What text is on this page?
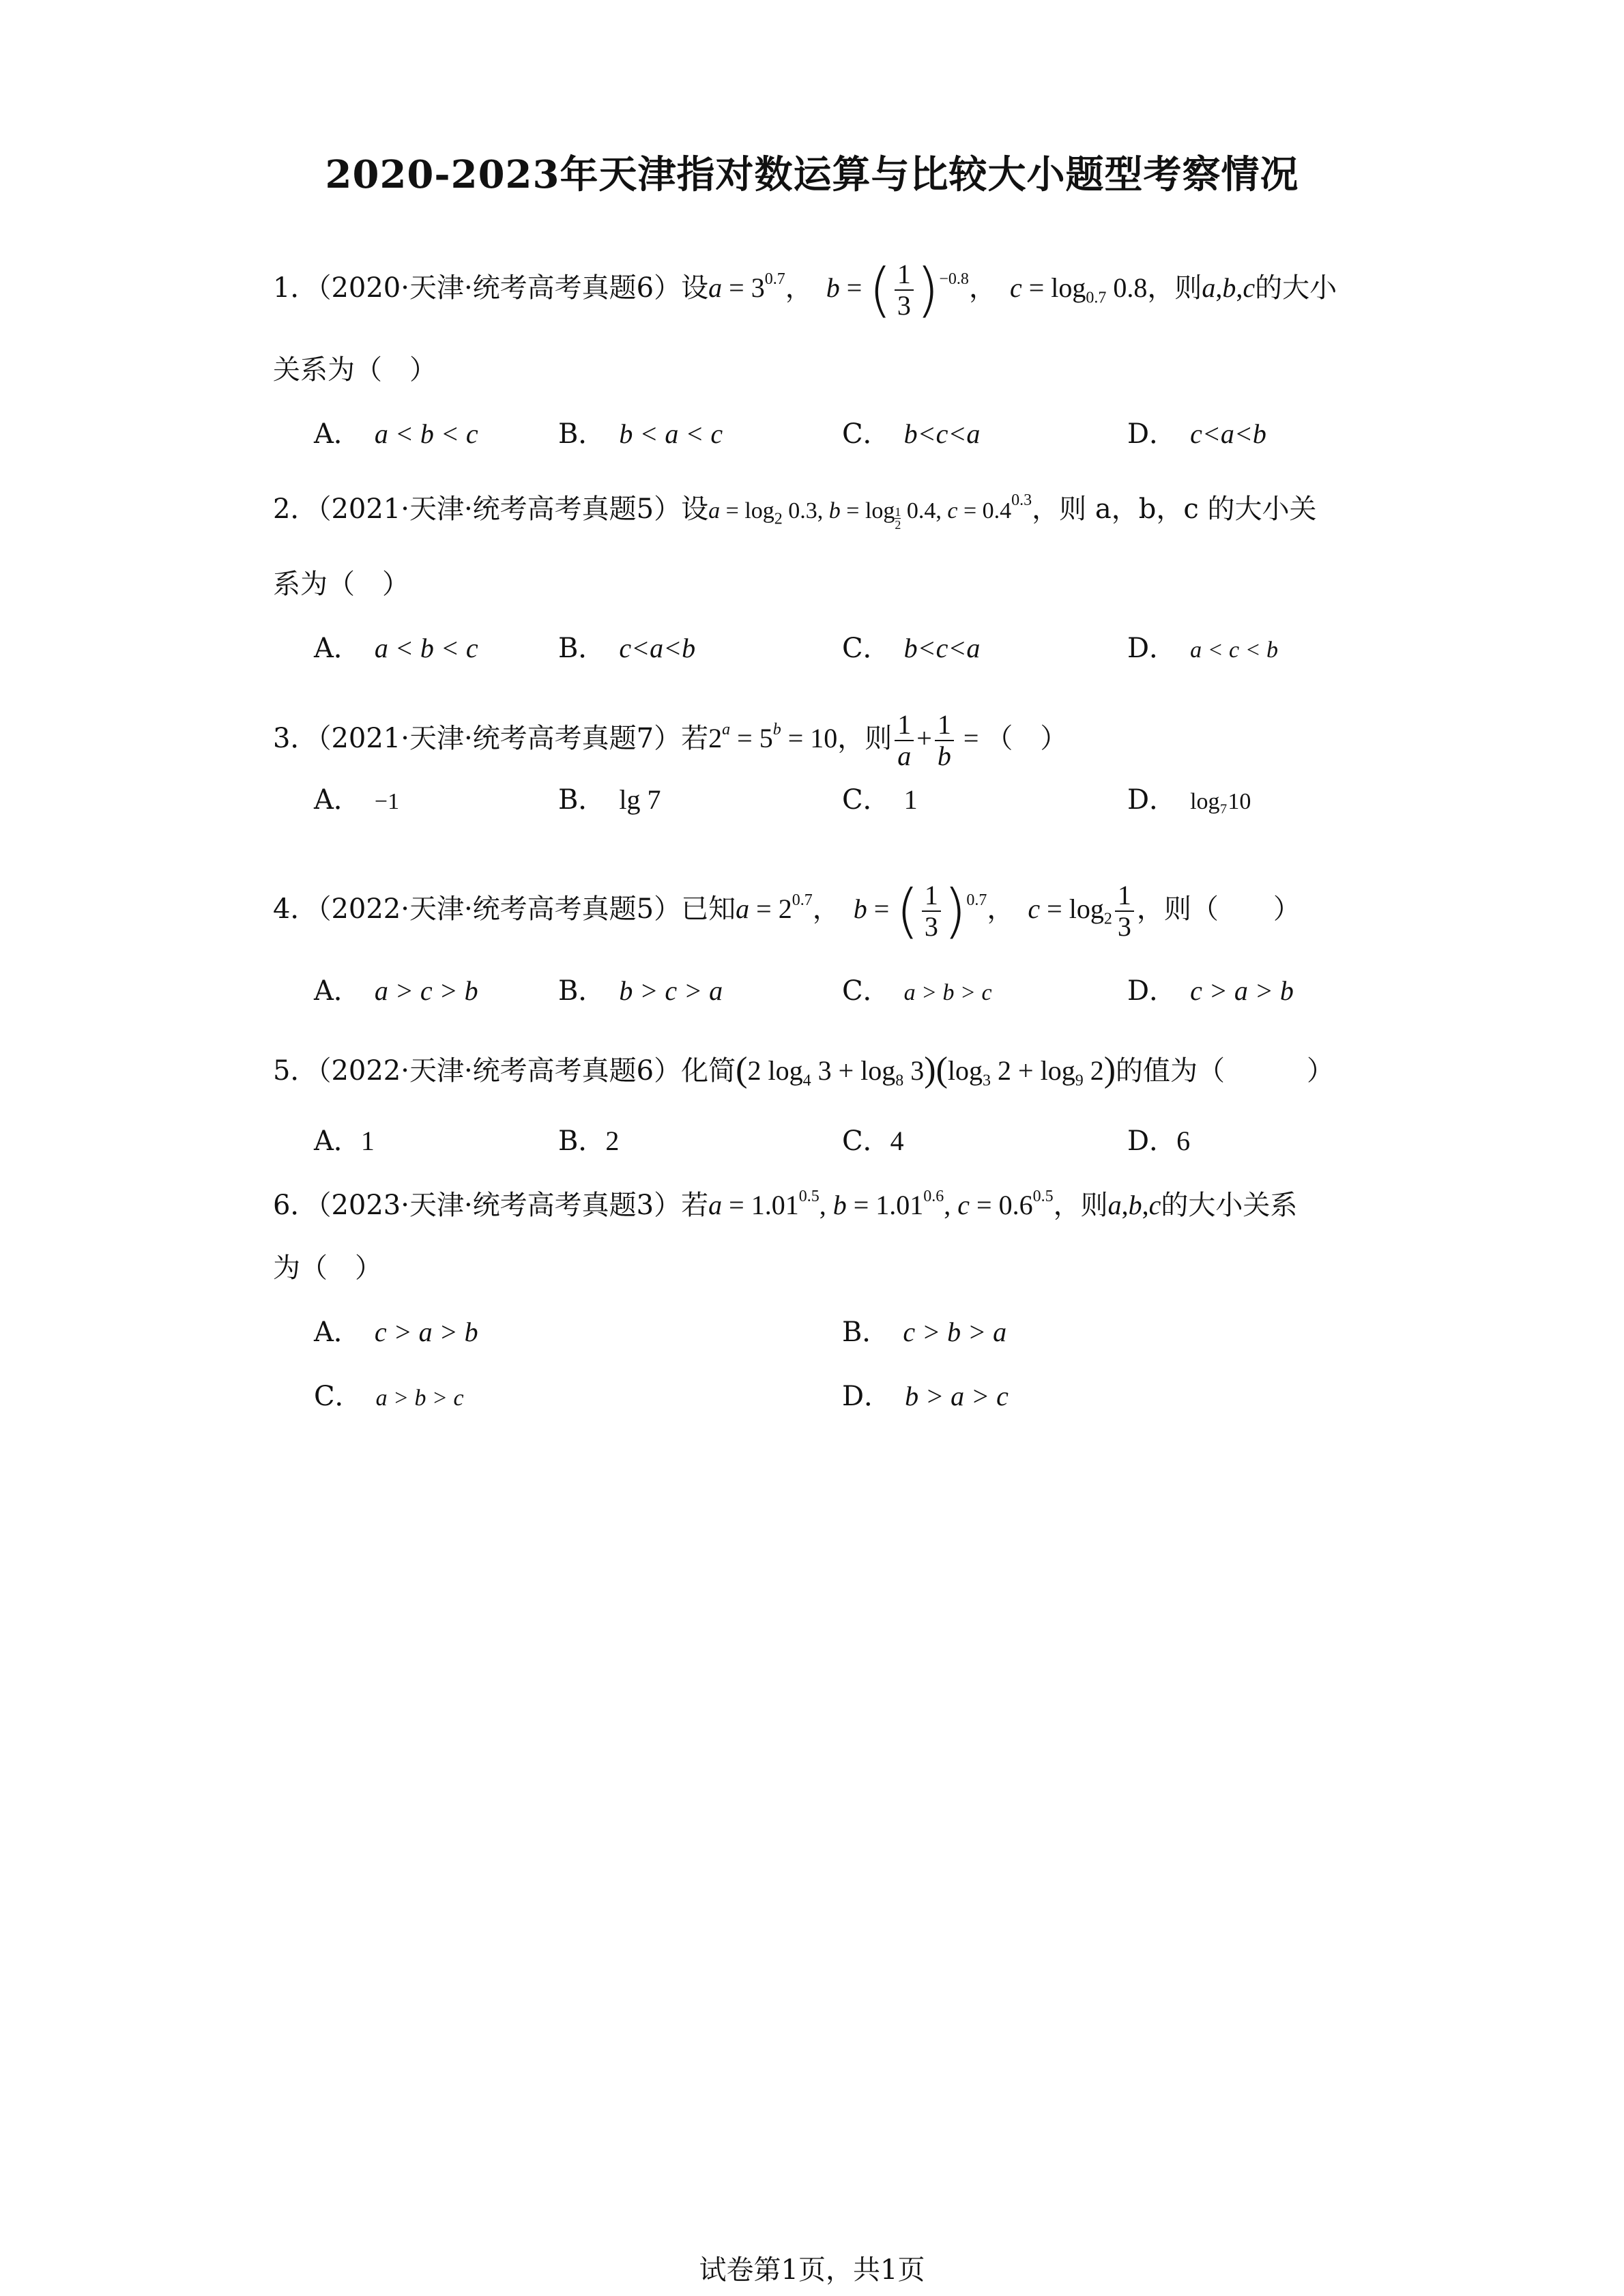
2020-2023年天津指对数运算与比较大小题型考察情况
1．（2020·天津·统考高考真题6）设$a = 3^{0.7}$，　b = ( $\frac{1}{3} )^{-0.8}$，　$c = \log_{0.7} 0.8$，则a,b,c的大小
关系为（　）
A．　 a < b < c	B．　 b < a < c	C．　 b<c<a	D．　 c<a<b
2．（2021·天津·统考高考真题5）设$a = \log_2 0.3$, $b = \log \frac{1}{2} 0.4$, $c = 0.4^{0.3}$，则 a，b，c 的大小关
系为（　）
A．　 a < b < c	B．　 c<a<b	C．　 b<c<a	D．　 a < c < b
3．（2021·天津·统考高考真题7）若$2^a = 5^b = 10$，则 $\frac{1}{a} + \frac{1}{b}$ = （　）
A．　 −1	B．　 lg 7	C．　 1	D．　 log₇10
4．（2022·天津·统考高考真题5）已知$a = 2^{0.7}$，　b = ( $\frac{1}{3} )^{0.7}$，　$c = \log_2 \frac{1}{3}$ ，则（　　）
A．　 a > c > b	B．　 b > c > a	C．　 a > b > c	D．　 c > a > b
5．（2022·天津·统考高考真题6）化简(2 $\log_4 3 + \log_8 3)(\log_3$ $2 + \log_9 2$)的值为（　　　）
A．1	B．2	C．4	D．6
6．（2023·天津·统考高考真题3）若$a = 1.01^{0.5}$, $b = 1.01^{0.6}$, $c = 0.6^{0.5}$，则a,b,c的大小关系
为（　）
A．　 c > a > b	B．　 c > b > a
C．　 a > b > c	D．　 b > a > c
试卷第1页，共1页
